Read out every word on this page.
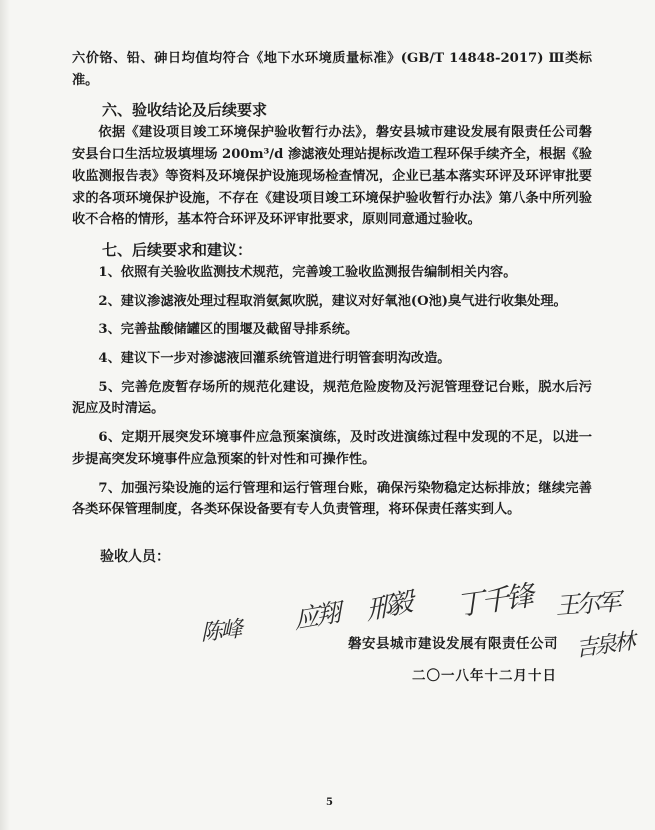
六价铬、铅、砷日均值均符合《地下水环境质量标准》(GB/T 14848-2017) Ⅲ类标准。

六、验收结论及后续要求

依据《建设项目竣工环境保护验收暂行办法》，磐安县城市建设发展有限责任公司磐安县台口生活垃圾填埋场 200m³/d 渗滤液处理站提标改造工程环保手续齐全，根据《验收监测报告表》等资料及环境保护设施现场检查情况，企业已基本落实环评及环评审批要求的各项环境保护设施，不存在《建设项目竣工环境保护验收暂行办法》第八条中所列验收不合格的情形，基本符合环评及环评审批要求，原则同意通过验收。

七、后续要求和建议：

1、依照有关验收监测技术规范，完善竣工验收监测报告编制相关内容。

2、建议渗滤液处理过程取消氨氮吹脱，建议对好氧池(O池)臭气进行收集处理。

3、完善盐酸储罐区的围堰及截留导排系统。

4、建议下一步对渗滤液回灌系统管道进行明管套明沟改造。

5、完善危废暂存场所的规范化建设，规范危险废物及污泥管理登记台账，脱水后污泥应及时清运。

6、定期开展突发环境事件应急预案演练，及时改进演练过程中发现的不足，以进一步提高突发环境事件应急预案的针对性和可操作性。

7、加强污染设施的运行管理和运行管理台账，确保污染物稳定达标排放；继续完善各类环保管理制度，各类环保设备要有专人负责管理，将环保责任落实到人。

验收人员：

陈峰 应翔 邢毅 丁千锋 王尔军
吉泉林
磐安县城市建设发展有限责任公司
二〇一八年十二月十日
5
